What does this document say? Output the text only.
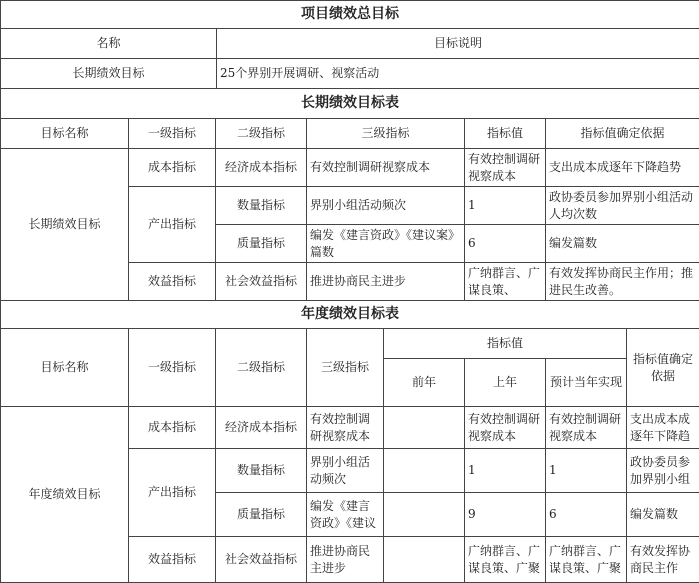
项目绩效总目标	
名称	目标说明
长期绩效目标	25个界别开展调研、视察活动
长期绩效目标表					
目标名称	一级指标	二级指标	三级指标	指标值	指标值确定依据
长期绩效目标	成本指标	经济成本指标	有效控制调研视察成本	有效控制调研视察成本	支出成本成逐年下降趋势
	产出指标	数量指标	界别小组活动频次	1	政协委员参加界别小组活动人均次数
		质量指标	编发《建言资政》《建议案》篇数	6	编发篇数
	效益指标	社会效益指标	推进协商民主进步	广纳群言、广谋良策、	有效发挥协商民主作用；推进民生改善。
年度绩效目标表							
目标名称	一级指标	二级指标	三级指标	指标值			指标值确定依据
				前年	上年	预计当年实现	
年度绩效目标	成本指标	经济成本指标	有效控制调研视察成本		有效控制调研视察成本	有效控制调研视察成本	支出成本成逐年下降趋

	产出指标	数量指标	界别小组活动频次		1	1	政协委员参加界别小组

		质量指标	编发《建言资政》《建议		9	6	编发篇数
	效益指标	社会效益指标	推进协商民主进步		广纳群言、广谋良策、广聚	广纳群言、广谋良策、广聚	有效发挥协商民主作
